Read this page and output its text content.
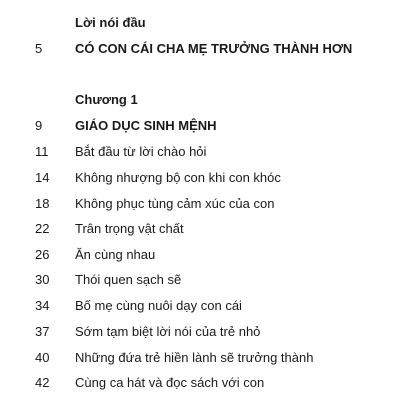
Lời nói đầu
5	CÓ CON CÁI CHA MẸ TRƯỞNG THÀNH HƠN
Chương 1
9	GIÁO DỤC SINH MỆNH
11 Bắt đầu từ lời chào hỏi
14 Không nhượng bộ con khi con khóc
18 Không phục tùng cảm xúc của con
22 Trân trọng vật chất
26 Ăn cùng nhau
30 Thói quen sạch sẽ
34 Bố mẹ cùng nuôi dạy con cái
37 Sớm tạm biệt lời nói của trẻ nhỏ
40 Những đứa trẻ hiền lành sẽ trưởng thành
42 Cùng ca hát và đọc sách với con
